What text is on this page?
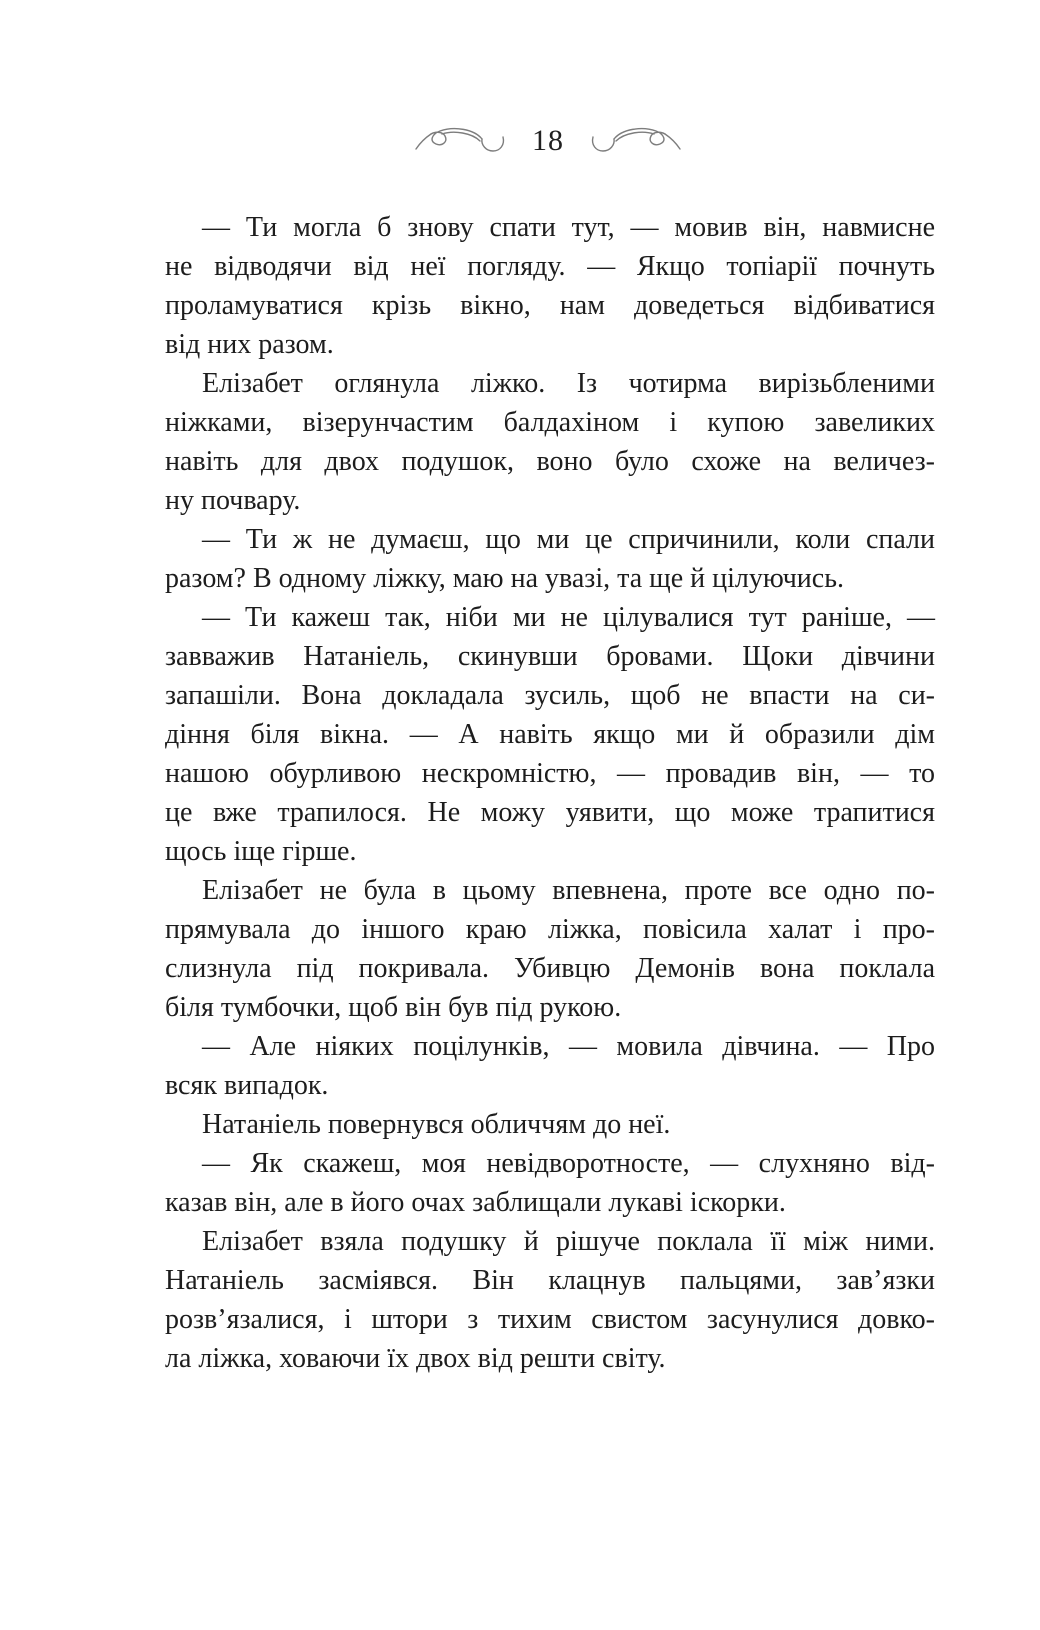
18
— Ти могла б знову спати тут, — мовив він, навмисне
не відводячи від неї погляду. — Якщо топіарії почнуть
проламуватися крізь вікно, нам доведеться відбиватися
від них разом.
Елізабет оглянула ліжко. Із чотирма вирізьбленими
ніжками, візерунчастим балдахіном і купою завеликих
навіть для двох подушок, воно було схоже на величез-
ну почвару.
— Ти ж не думаєш, що ми це спричинили, коли спали
разом? В одному ліжку, маю на увазі, та ще й цілуючись.
— Ти кажеш так, ніби ми не цілувалися тут раніше, —
завважив Натаніель, скинувши бровами. Щоки дівчини
запашіли. Вона докладала зусиль, щоб не впасти на си-
діння біля вікна. — А навіть якщо ми й образили дім
нашою обурливою нескромністю, — провадив він, — то
це вже трапилося. Не можу уявити, що може трапитися
щось іще гірше.
Елізабет не була в цьому впевнена, проте все одно по-
прямувала до іншого краю ліжка, повісила халат і про-
слизнула під покривала. Убивцю Демонів вона поклала
біля тумбочки, щоб він був під рукою.
— Але ніяких поцілунків, — мовила дівчина. — Про
всяк випадок.
Натаніель повернувся обличчям до неї.
— Як скажеш, моя невідворотносте, — слухняно від-
казав він, але в його очах заблищали лукаві іскорки.
Елізабет взяла подушку й рішуче поклала її між ними.
Натаніель засміявся. Він клацнув пальцями, зав’язки
розв’язалися, і штори з тихим свистом засунулися довко-
ла ліжка, ховаючи їх двох від решти світу.
